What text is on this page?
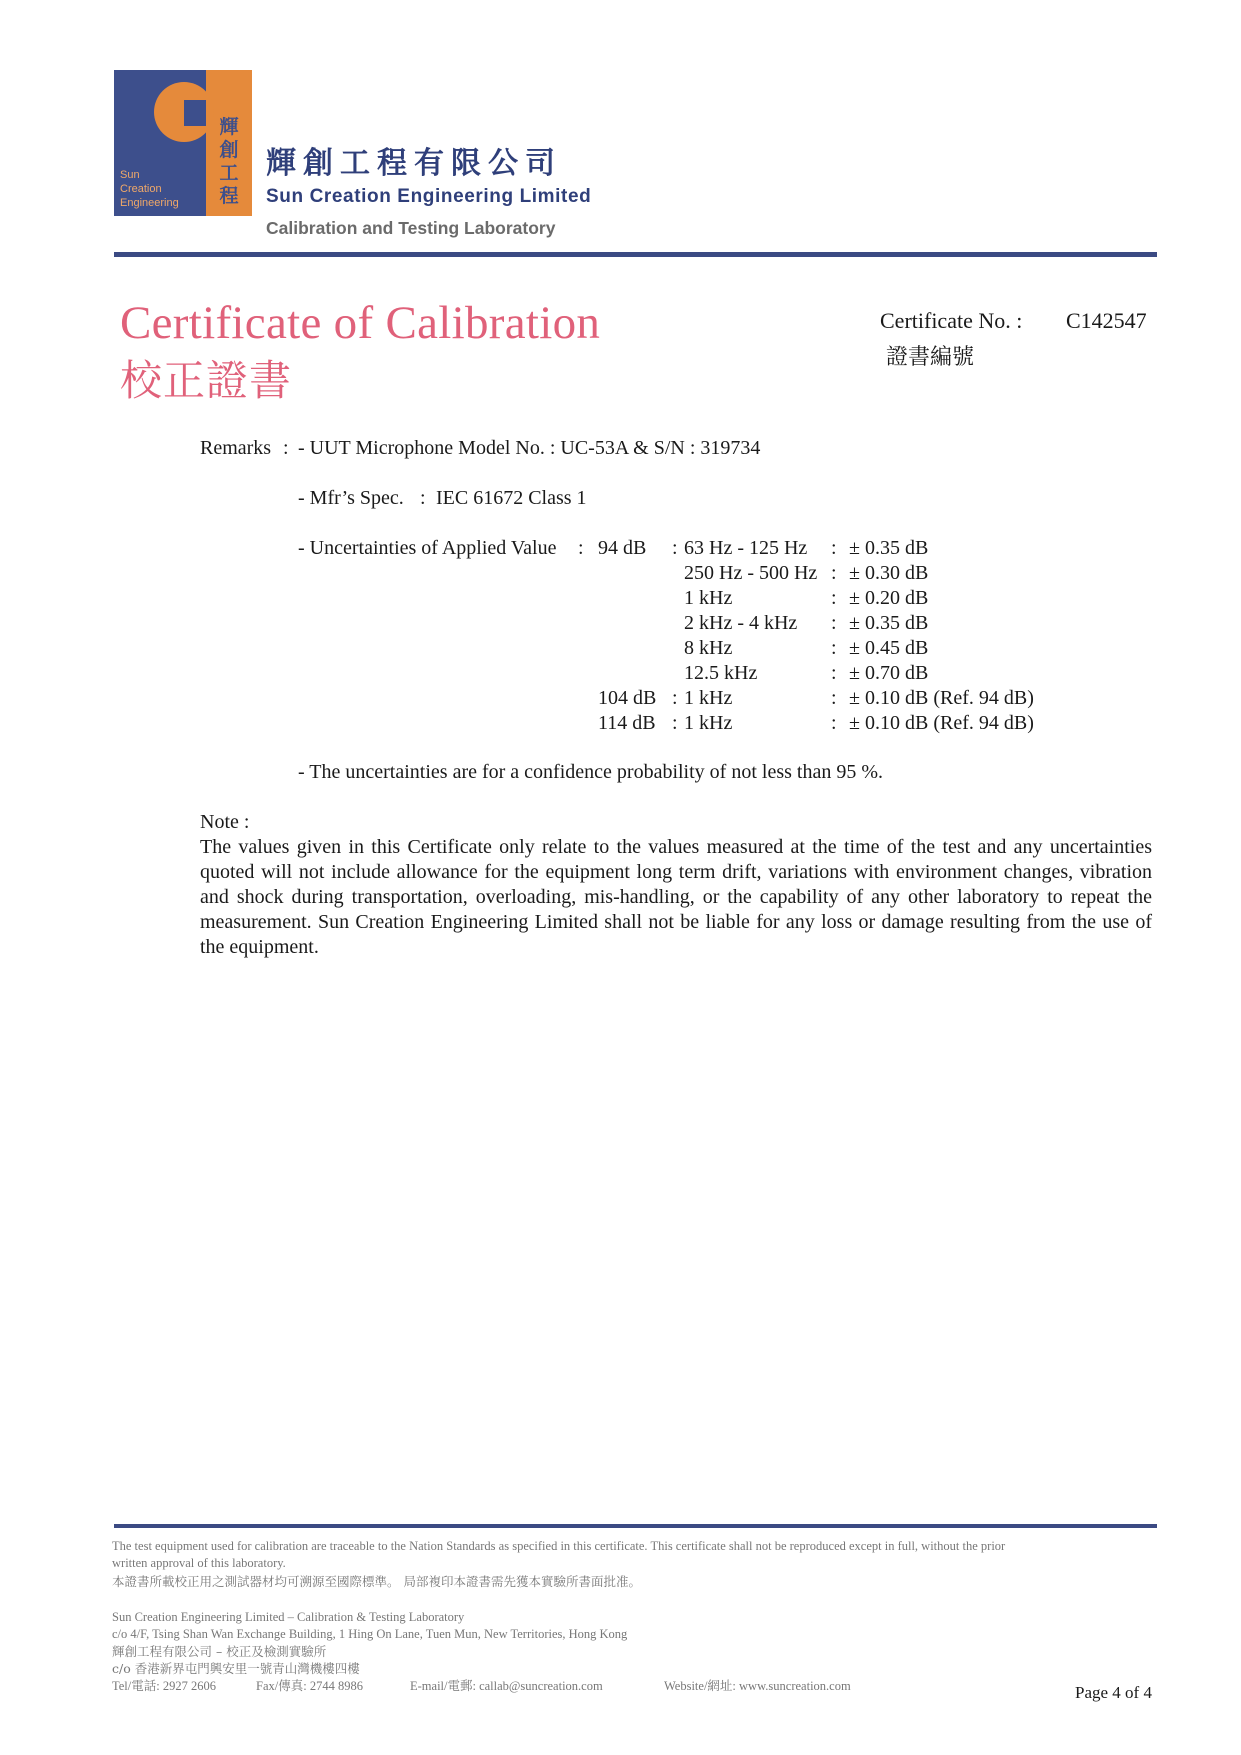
輝
創
工
程
Sun
Creation
Engineering
輝創工程有限公司
Sun Creation Engineering Limited
Calibration and Testing Laboratory
Certificate of Calibration
校正證書
Certificate No. : C142547
證書編號
Remarks : - UUT Microphone Model No. : UC-53A & S/N : 319734
- Mfr’s Spec. : IEC 61672 Class 1
- Uncertainties of Applied Value : 94 dB : 63 Hz - 125 Hz : ± 0.35 dB
250 Hz - 500 Hz : ± 0.30 dB
1 kHz	: ± 0.20 dB
2 kHz - 4 kHz : ± 0.35 dB
8 kHz	: ± 0.45 dB
12.5 kHz	: ± 0.70 dB
104 dB : 1 kHz	: ± 0.10 dB (Ref. 94 dB)
114 dB : 1 kHz	: ± 0.10 dB (Ref. 94 dB)
- The uncertainties are for a confidence probability of not less than 95 %.
Note :
The values given in this Certificate only relate to the values measured at the time of the test and any uncertainties quoted will not include allowance for the equipment long term drift, variations with environment changes, vibration and shock during transportation, overloading, mis-handling, or the capability of any other laboratory to repeat the measurement. Sun Creation Engineering Limited shall not be liable for any loss or damage resulting from the use of the equipment.
The test equipment used for calibration are traceable to the Nation Standards as specified in this certificate. This certificate shall not be reproduced except in full, without the prior
written approval of this laboratory.
本證書所載校正用之測試器材均可溯源至國際標準。 局部複印本證書需先獲本實驗所書面批准。
Sun Creation Engineering Limited – Calibration & Testing Laboratory
c/o 4/F, Tsing Shan Wan Exchange Building, 1 Hing On Lane, Tuen Mun, New Territories, Hong Kong
輝創工程有限公司 – 校正及檢測實驗所
c/o 香港新界屯門興安里一號青山灣機樓四樓
Tel/電話: 2927 2606	Fax/傳真: 2744 8986	E-mail/電郵: callab@suncreation.com	Website/網址: www.suncreation.com	Page 4 of 4
